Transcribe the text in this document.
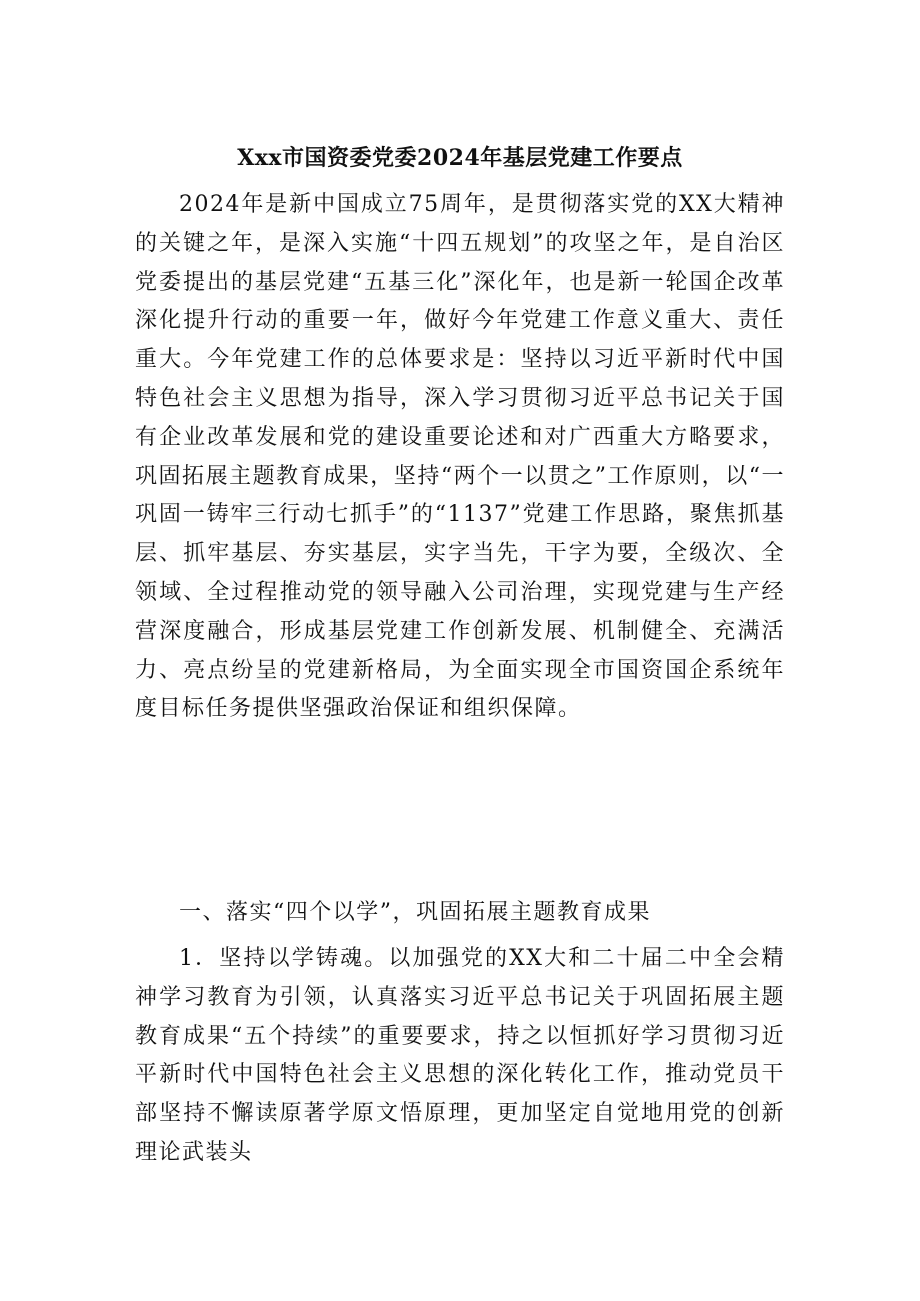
Xxx市国资委党委2024年基层党建工作要点

2024年是新中国成立75周年，是贯彻落实党的XX大精神的关键之年，是深入实施“十四五规划”的攻坚之年，是自治区党委提出的基层党建“五基三化”深化年，也是新一轮国企改革深化提升行动的重要一年，做好今年党建工作意义重大、责任重大。今年党建工作的总体要求是：坚持以习近平新时代中国特色社会主义思想为指导，深入学习贯彻习近平总书记关于国有企业改革发展和党的建设重要论述和对广西重大方略要求，巩固拓展主题教育成果，坚持“两个一以贯之”工作原则，以“一巩固一铸牢三行动七抓手”的“1137”党建工作思路，聚焦抓基层、抓牢基层、夯实基层，实字当先，干字为要，全级次、全领域、全过程推动党的领导融入公司治理，实现党建与生产经营深度融合，形成基层党建工作创新发展、机制健全、充满活力、亮点纷呈的党建新格局，为全面实现全市国资国企系统年度目标任务提供坚强政治保证和组织保障。

一、落实“四个以学”，巩固拓展主题教育成果

1．坚持以学铸魂。以加强党的XX大和二十届二中全会精神学习教育为引领，认真落实习近平总书记关于巩固拓展主题教育成果“五个持续”的重要要求，持之以恒抓好学习贯彻习近平新时代中国特色社会主义思想的深化转化工作，推动党员干部坚持不懈读原著学原文悟原理，更加坚定自觉地用党的创新理论武装头
